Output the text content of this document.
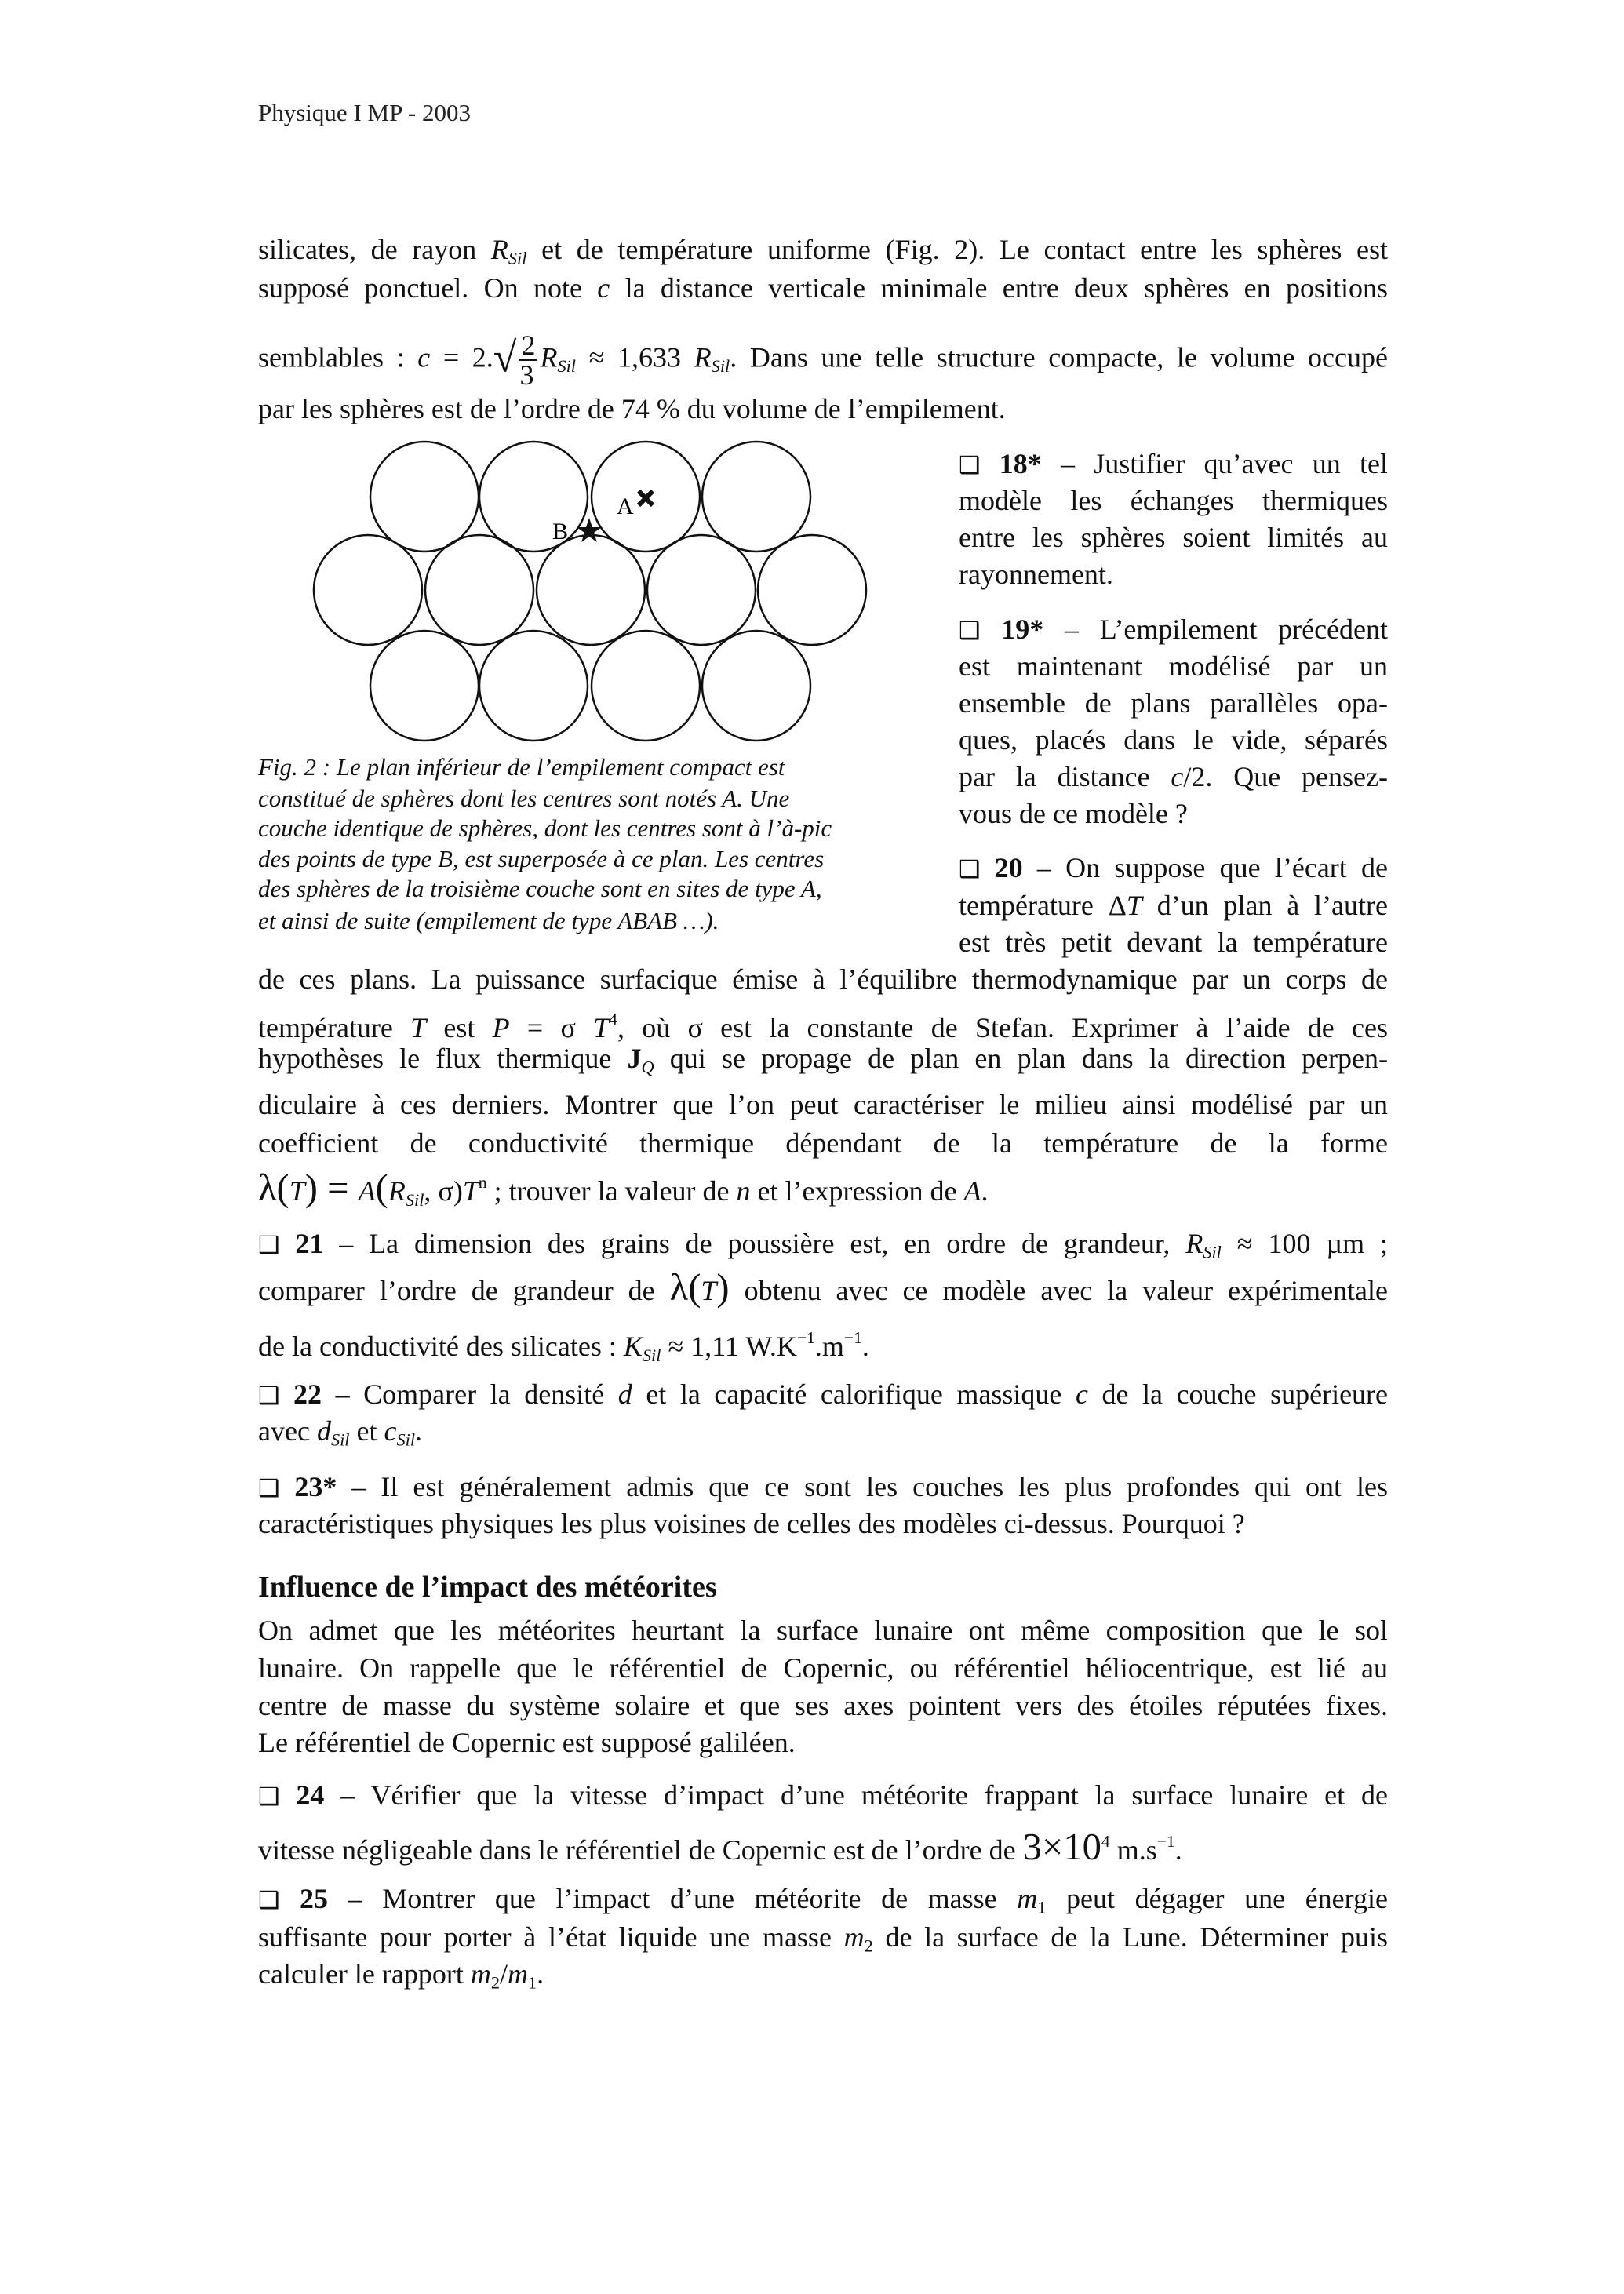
Physique I MP - 2003
A
B
silicates, de rayon RSil et de température uniforme (Fig. 2). Le contact entre les sphères est
supposé ponctuel. On note c la distance verticale minimale entre deux sphères en positions
semblables : $c = 2.√ \frac{2}{3}$ RSil ≈ 1,633 RSil. Dans une telle structure compacte, le volume occupé
par les sphères est de l’ordre de 74 % du volume de l’empilement.
❑ 18* – Justifier qu’avec un tel
modèle les échanges thermiques
entre les sphères soient limités au
rayonnement.
❑ 19* – L’empilement précédent
est maintenant modélisé par un
ensemble de plans parallèles opa-
ques, placés dans le vide, séparés
par la distance c/2. Que pensez-
vous de ce modèle ?
❑ 20 – On suppose que l’écart de
température ΔT d’un plan à l’autre
est très petit devant la température
de ces plans. La puissance surfacique émise à l’équilibre thermodynamique par un corps de
température T est P = σ $T^4$, où σ est la constante de Stefan. Exprimer à l’aide de ces
hypothèses le flux thermique JQ qui se propage de plan en plan dans la direction perpen-
diculaire à ces derniers. Montrer que l’on peut caractériser le milieu ainsi modélisé par un
coefficient de conductivité thermique dépendant de la température de la forme
λ(T) = A(RSil, $\sigma)T^n$ ; trouver la valeur de n et l’expression de A.
Fig. 2 : Le plan inférieur de l’empilement compact est
constitué de sphères dont les centres sont notés A. Une
couche identique de sphères, dont les centres sont à l’à-pic
des points de type B, est superposée à ce plan. Les centres
des sphères de la troisième couche sont en sites de type A,
et ainsi de suite (empilement de type ABAB …).
❑ 21 – La dimension des grains de poussière est, en ordre de grandeur, RSil ≈ 100 µm ;
comparer l’ordre de grandeur de λ(T) obtenu avec ce modèle avec la valeur expérimentale
de la conductivité des silicates : KSil ≈ 1,11 $W.K^{-1}.m^{-1}$.
❑ 22 – Comparer la densité d et la capacité calorifique massique c de la couche supérieure
avec dSil et cSil.
❑ 23* – Il est généralement admis que ce sont les couches les plus profondes qui ont les
caractéristiques physiques les plus voisines de celles des modèles ci-dessus. Pourquoi ?
Influence de l’impact des météorites
On admet que les météorites heurtant la surface lunaire ont même composition que le sol
lunaire. On rappelle que le référentiel de Copernic, ou référentiel héliocentrique, est lié au
centre de masse du système solaire et que ses axes pointent vers des étoiles réputées fixes.
Le référentiel de Copernic est supposé galiléen.
❑ 24 – Vérifier que la vitesse d’impact d’une météorite frappant la surface lunaire et de
vitesse négligeable dans le référentiel de Copernic est de l’ordre de $3\times 10^4$ $m.s^{-1}$.
❑ 25 – Montrer que l’impact d’une météorite de masse $m_1$ peut dégager une énergie
suffisante pour porter à l’état liquide une masse $m_2$ de la surface de la Lune. Déterminer puis
calculer le rapport $m_2/m_1$.
